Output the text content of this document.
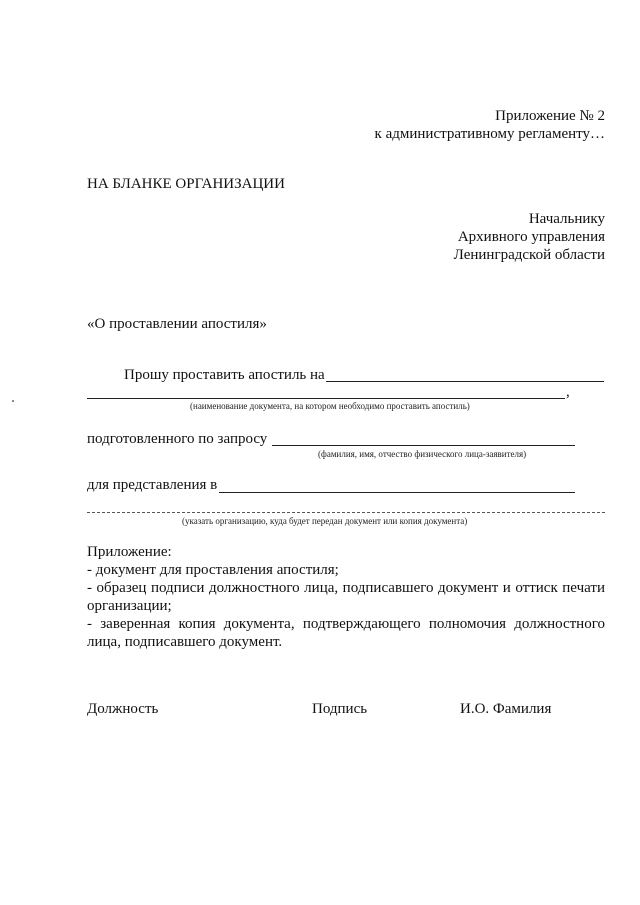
Приложение № 2
к административному регламенту…
НА БЛАНКЕ ОРГАНИЗАЦИИ
Начальнику
Архивного управления
Ленинградской области
«О проставлении апостиля»
Прошу проставить апостиль на
,
(наименование документа, на котором необходимо проставить апостиль)
подготовленного по запросу
(фамилия, имя, отчество физического лица-заявителя)
для представления в
(указать организацию, куда будет передан документ или копия документа)
Приложение:
- документ для проставления апостиля;
- образец подписи должностного лица, подписавшего документ и оттиск печати организации;
- заверенная копия документа, подтверждающего полномочия должностного лица, подписавшего документ.
Должность	Подпись	И.О. Фамилия
